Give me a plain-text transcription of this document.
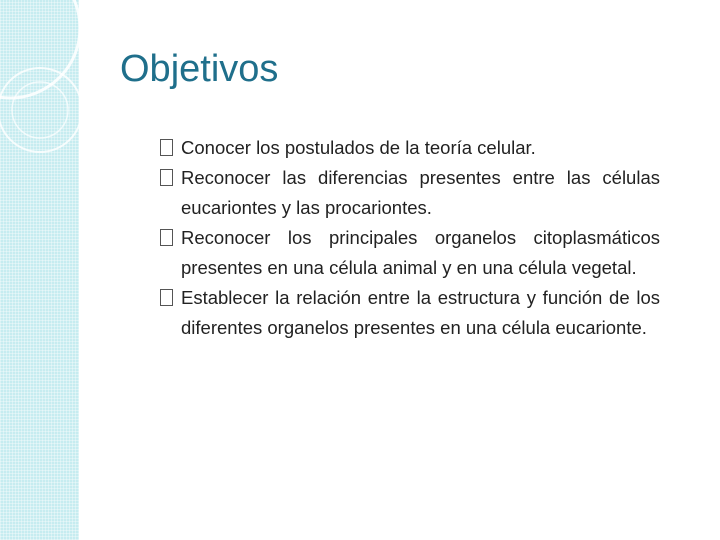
Objetivos
Conocer los postulados de la teoría celular.
Reconocer las diferencias presentes entre las células eucariontes y las procariontes.
Reconocer los principales organelos citoplasmáticos presentes en una célula animal y en una célula vegetal.
Establecer la relación entre la estructura y función de los diferentes organelos presentes en una célula eucarionte.
